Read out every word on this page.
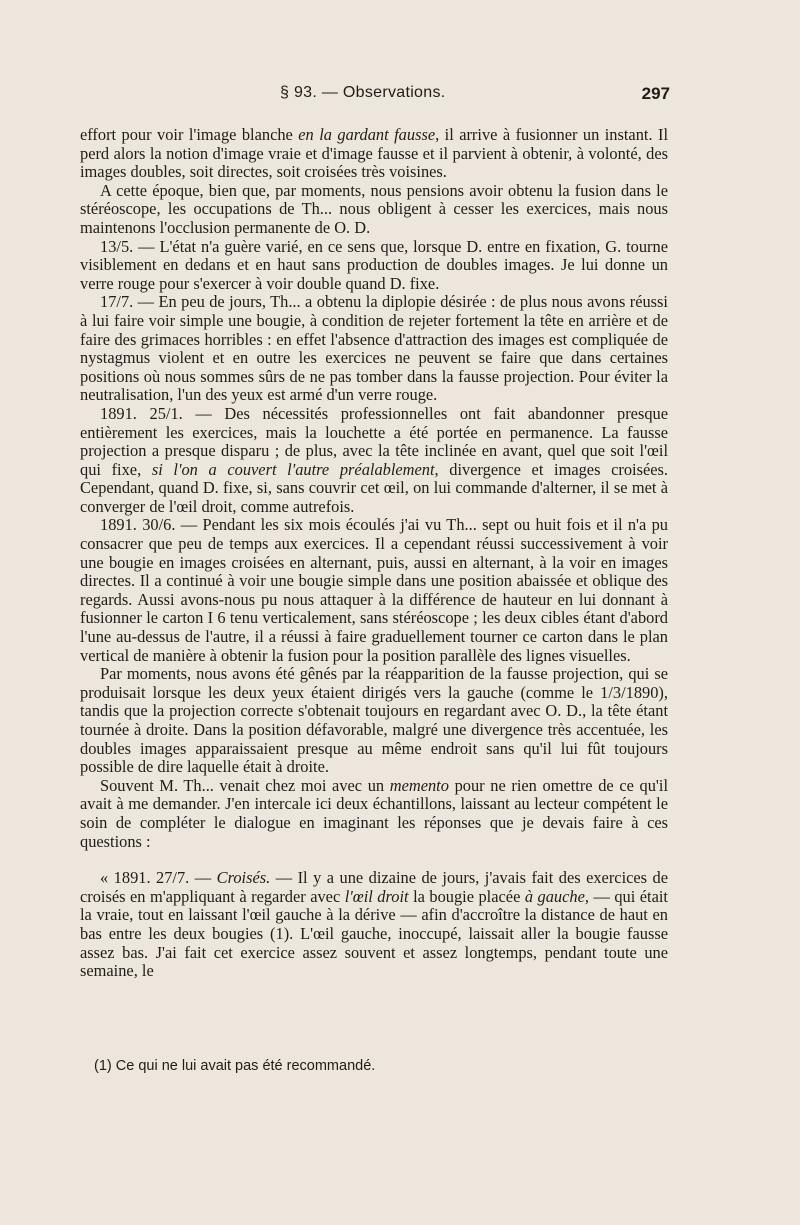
§ 93. — Observations.	297

effort pour voir l'image blanche en la gardant fausse, il arrive à fusionner un instant. Il perd alors la notion d'image vraie et d'image fausse et il parvient à obtenir, à volonté, des images doubles, soit directes, soit croisées très voisines.

A cette époque, bien que, par moments, nous pensions avoir obtenu la fusion dans le stéréoscope, les occupations de Th... nous obligent à cesser les exercices, mais nous maintenons l'occlusion permanente de O. D.

13/5. — L'état n'a guère varié, en ce sens que, lorsque D. entre en fixation, G. tourne visiblement en dedans et en haut sans production de doubles images. Je lui donne un verre rouge pour s'exercer à voir double quand D. fixe.

17/7. — En peu de jours, Th... a obtenu la diplopie désirée : de plus nous avons réussi à lui faire voir simple une bougie, à condition de rejeter fortement la tête en arrière et de faire des grimaces horribles : en effet l'absence d'attraction des images est compliquée de nystagmus violent et en outre les exercices ne peuvent se faire que dans certaines positions où nous sommes sûrs de ne pas tomber dans la fausse projection. Pour éviter la neutralisation, l'un des yeux est armé d'un verre rouge.

1891. 25/1. — Des nécessités professionnelles ont fait abandonner presque entièrement les exercices, mais la louchette a été portée en permanence. La fausse projection a presque disparu ; de plus, avec la tête inclinée en avant, quel que soit l'œil qui fixe, si l'on a couvert l'autre préalablement, divergence et images croisées. Cependant, quand D. fixe, si, sans couvrir cet œil, on lui commande d'alterner, il se met à converger de l'œil droit, comme autrefois.

1891. 30/6. — Pendant les six mois écoulés j'ai vu Th... sept ou huit fois et il n'a pu consacrer que peu de temps aux exercices. Il a cependant réussi successivement à voir une bougie en images croisées en alternant, puis, aussi en alternant, à la voir en images directes. Il a continué à voir une bougie simple dans une position abaissée et oblique des regards. Aussi avons-nous pu nous attaquer à la différence de hauteur en lui donnant à fusionner le carton I 6 tenu verticalement, sans stéréoscope ; les deux cibles étant d'abord l'une au-dessus de l'autre, il a réussi à faire graduellement tourner ce carton dans le plan vertical de manière à obtenir la fusion pour la position parallèle des lignes visuelles.

Par moments, nous avons été gênés par la réapparition de la fausse projection, qui se produisait lorsque les deux yeux étaient dirigés vers la gauche (comme le 1/3/1890), tandis que la projection correcte s'obtenait toujours en regardant avec O. D., la tête étant tournée à droite. Dans la position défavorable, malgré une divergence très accentuée, les doubles images apparaissaient presque au même endroit sans qu'il lui fût toujours possible de dire laquelle était à droite.

Souvent M. Th... venait chez moi avec un memento pour ne rien omettre de ce qu'il avait à me demander. J'en intercale ici deux échantillons, laissant au lecteur compétent le soin de compléter le dialogue en imaginant les réponses que je devais faire à ces questions :

« 1891. 27/7. — Croisés. — Il y a une dizaine de jours, j'avais fait des exercices de croisés en m'appliquant à regarder avec l'œil droit la bougie placée à gauche, — qui était la vraie, tout en laissant l'œil gauche à la dérive — afin d'accroître la distance de haut en bas entre les deux bougies (1). L'œil gauche, inoccupé, laissait aller la bougie fausse assez bas. J'ai fait cet exercice assez souvent et assez longtemps, pendant toute une semaine, le

(1) Ce qui ne lui avait pas été recommandé.
